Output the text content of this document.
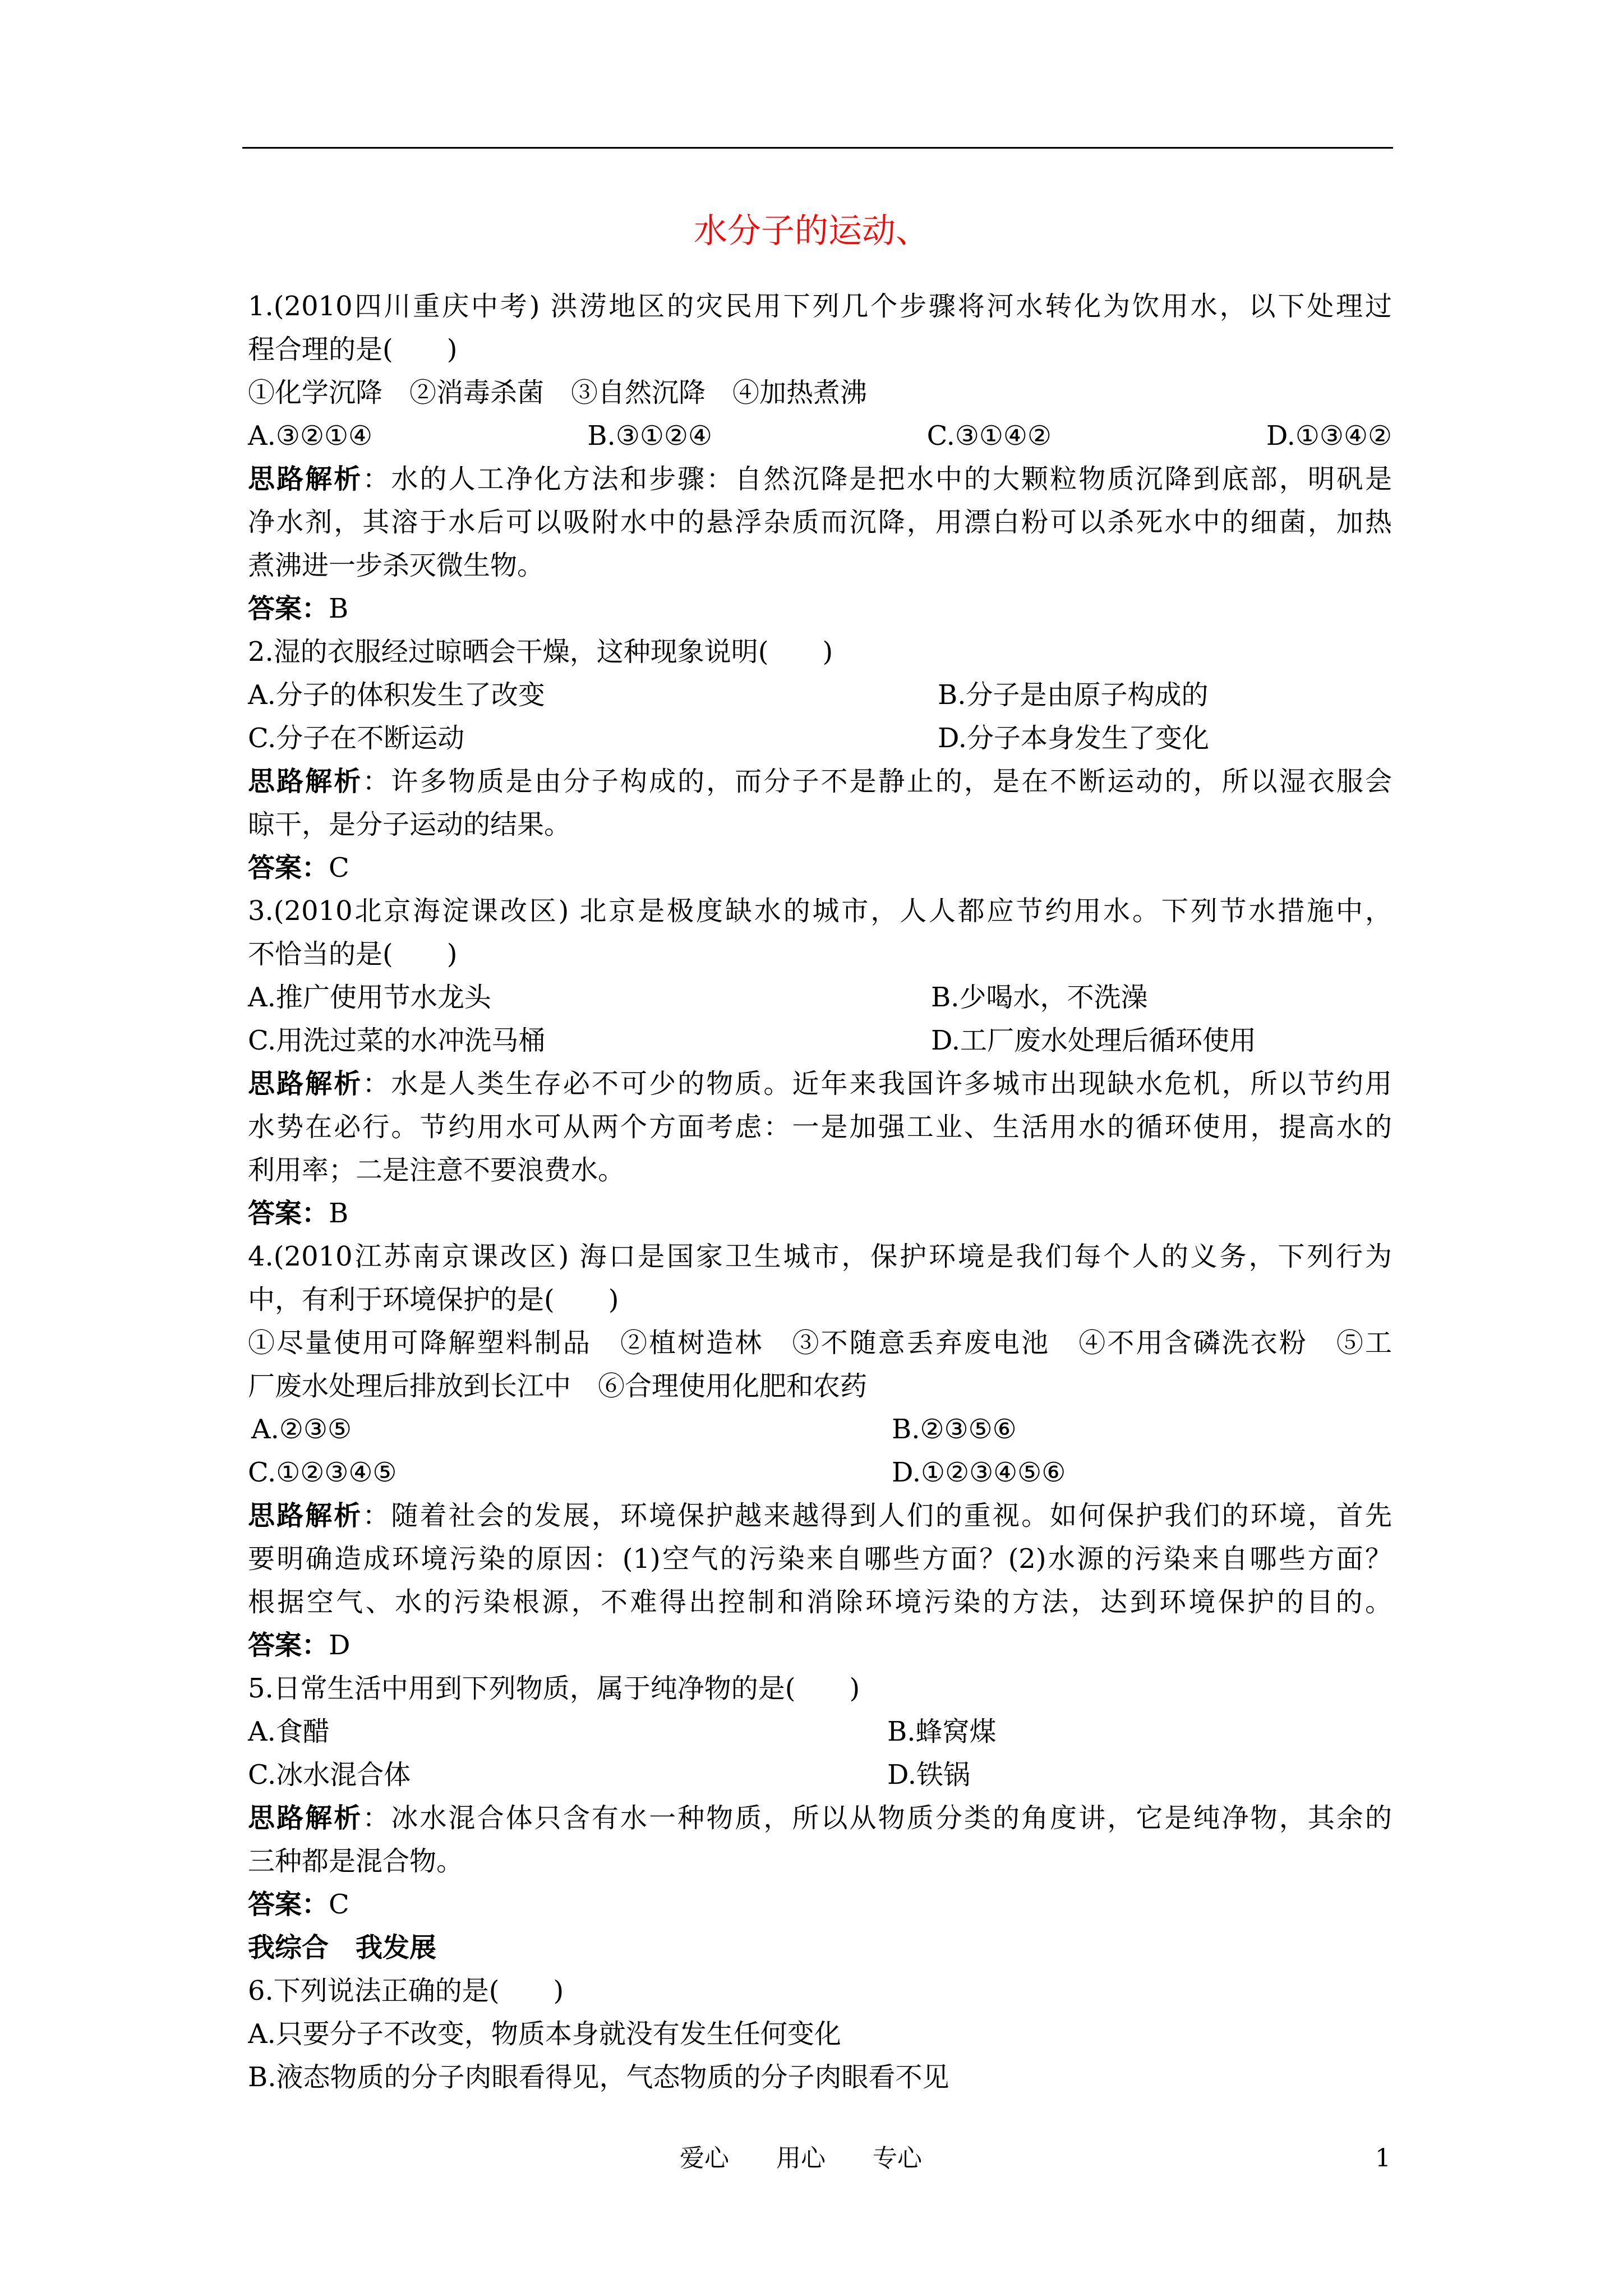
水分子的运动、
1.(2010四川重庆中考) 洪涝地区的灾民用下列几个步骤将河水转化为饮用水，以下处理过
程合理的是(　　)
①化学沉降　②消毒杀菌　③自然沉降　④加热煮沸
A.③②①④	B.③①②④	C.③①④②	D.①③④②
思路解析：水的人工净化方法和步骤：自然沉降是把水中的大颗粒物质沉降到底部，明矾是
净水剂，其溶于水后可以吸附水中的悬浮杂质而沉降，用漂白粉可以杀死水中的细菌，加热
煮沸进一步杀灭微生物。
答案：B
2.湿的衣服经过晾晒会干燥，这种现象说明(　　)
A.分子的体积发生了改变	B.分子是由原子构成的
C.分子在不断运动	D.分子本身发生了变化
思路解析：许多物质是由分子构成的，而分子不是静止的，是在不断运动的，所以湿衣服会
晾干，是分子运动的结果。
答案：C
3.(2010北京海淀课改区) 北京是极度缺水的城市，人人都应节约用水。下列节水措施中，
不恰当的是(　　)
A.推广使用节水龙头	B.少喝水，不洗澡
C.用洗过菜的水冲洗马桶	D.工厂废水处理后循环使用
思路解析：水是人类生存必不可少的物质。近年来我国许多城市出现缺水危机，所以节约用
水势在必行。节约用水可从两个方面考虑：一是加强工业、生活用水的循环使用，提高水的
利用率；二是注意不要浪费水。
答案：B
4.(2010江苏南京课改区) 海口是国家卫生城市，保护环境是我们每个人的义务，下列行为
中，有利于环境保护的是(　　)
①尽量使用可降解塑料制品　②植树造林　③不随意丢弃废电池　④不用含磷洗衣粉　⑤工
厂废水处理后排放到长江中　⑥合理使用化肥和农药
A.②③⑤	B.②③⑤⑥
C.①②③④⑤	D.①②③④⑤⑥
思路解析：随着社会的发展，环境保护越来越得到人们的重视。如何保护我们的环境，首先
要明确造成环境污染的原因：(1)空气的污染来自哪些方面？(2)水源的污染来自哪些方面？
根据空气、水的污染根源，不难得出控制和消除环境污染的方法，达到环境保护的目的。
答案：D
5.日常生活中用到下列物质，属于纯净物的是(　　)
A.食醋	B.蜂窝煤
C.冰水混合体	D.铁锅
思路解析：冰水混合体只含有水一种物质，所以从物质分类的角度讲，它是纯净物，其余的
三种都是混合物。
答案：C
我综合　我发展
6.下列说法正确的是(　　)
A.只要分子不改变，物质本身就没有发生任何变化
B.液态物质的分子肉眼看得见，气态物质的分子肉眼看不见
爱心 用心 专心	1
